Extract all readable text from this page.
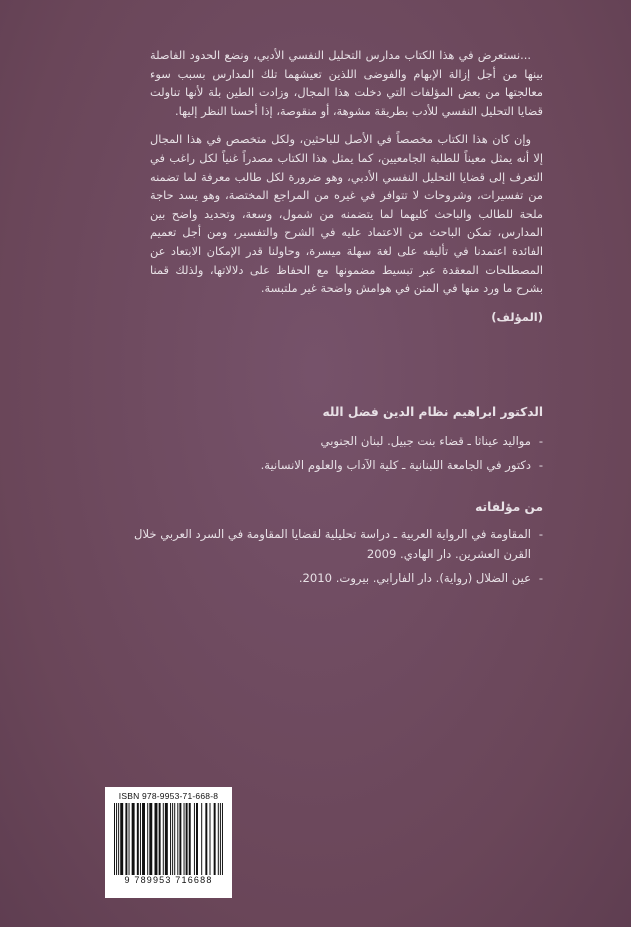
...نستعرض في هذا الكتاب مدارس التحليل النفسي الأدبي، ونضع الحدود الفاصلة بينها من أجل إزالة الإبهام والفوضى اللذين تعيشهما تلك المدارس بسبب سوء معالجتها من بعض المؤلفات التي دخلت هذا المجال، وزادت الطين بلة لأنها تناولت قضايا التحليل النفسي للأدب بطريقة مشوهة، أو منقوصة، إذا أحسنا النظر إليها.

وإن كان هذا الكتاب مخصصاً في الأصل للباحثين، ولكل متخصص في هذا المجال إلا أنه يمثل معيناً للطلبة الجامعيين، كما يمثل هذا الكتاب مصدراً غنياً لكل راغب في التعرف إلى قضايا التحليل النفسي الأدبي، وهو ضرورة لكل طالب معرفة لما تضمنه من تفسيرات، وشروحات لا تتوافر في غيره من المراجع المختصة، وهو يسد حاجة ملحة للطالب والباحث كليهما لما يتضمنه من شمول، وسعة، وتحديد واضح بين المدارس، تمكن الباحث من الاعتماد عليه في الشرح والتفسير، ومن أجل تعميم الفائدة اعتمدنا في تأليفه على لغة سهلة ميسرة، وحاولنا قدر الإمكان الابتعاد عن المصطلحات المعقدة عبر تبسيط مضمونها مع الحفاظ على دلالاتها، ولذلك قمنا بشرح ما ورد منها في المتن في هوامش واضحة غير ملتبسة.

(المؤلف)
الدكتور ابراهيم نظام الدين فضل الله
- مواليد عيناثا ـ قضاء بنت جبيل. لبنان الجنوبي
- دكتور في الجامعة اللبنانية ـ كلية الآداب والعلوم الانسانية.
من مؤلفاته
- المقاومة في الرواية العربية ـ دراسة تحليلية لقضايا المقاومة في السرد العربي خلال القرن العشرين. دار الهادي. 2009
- عين الضلال (رواية). دار الفارابي. بيروت. 2010.
ISBN 978-9953-71-668-8
9 789953 716688
